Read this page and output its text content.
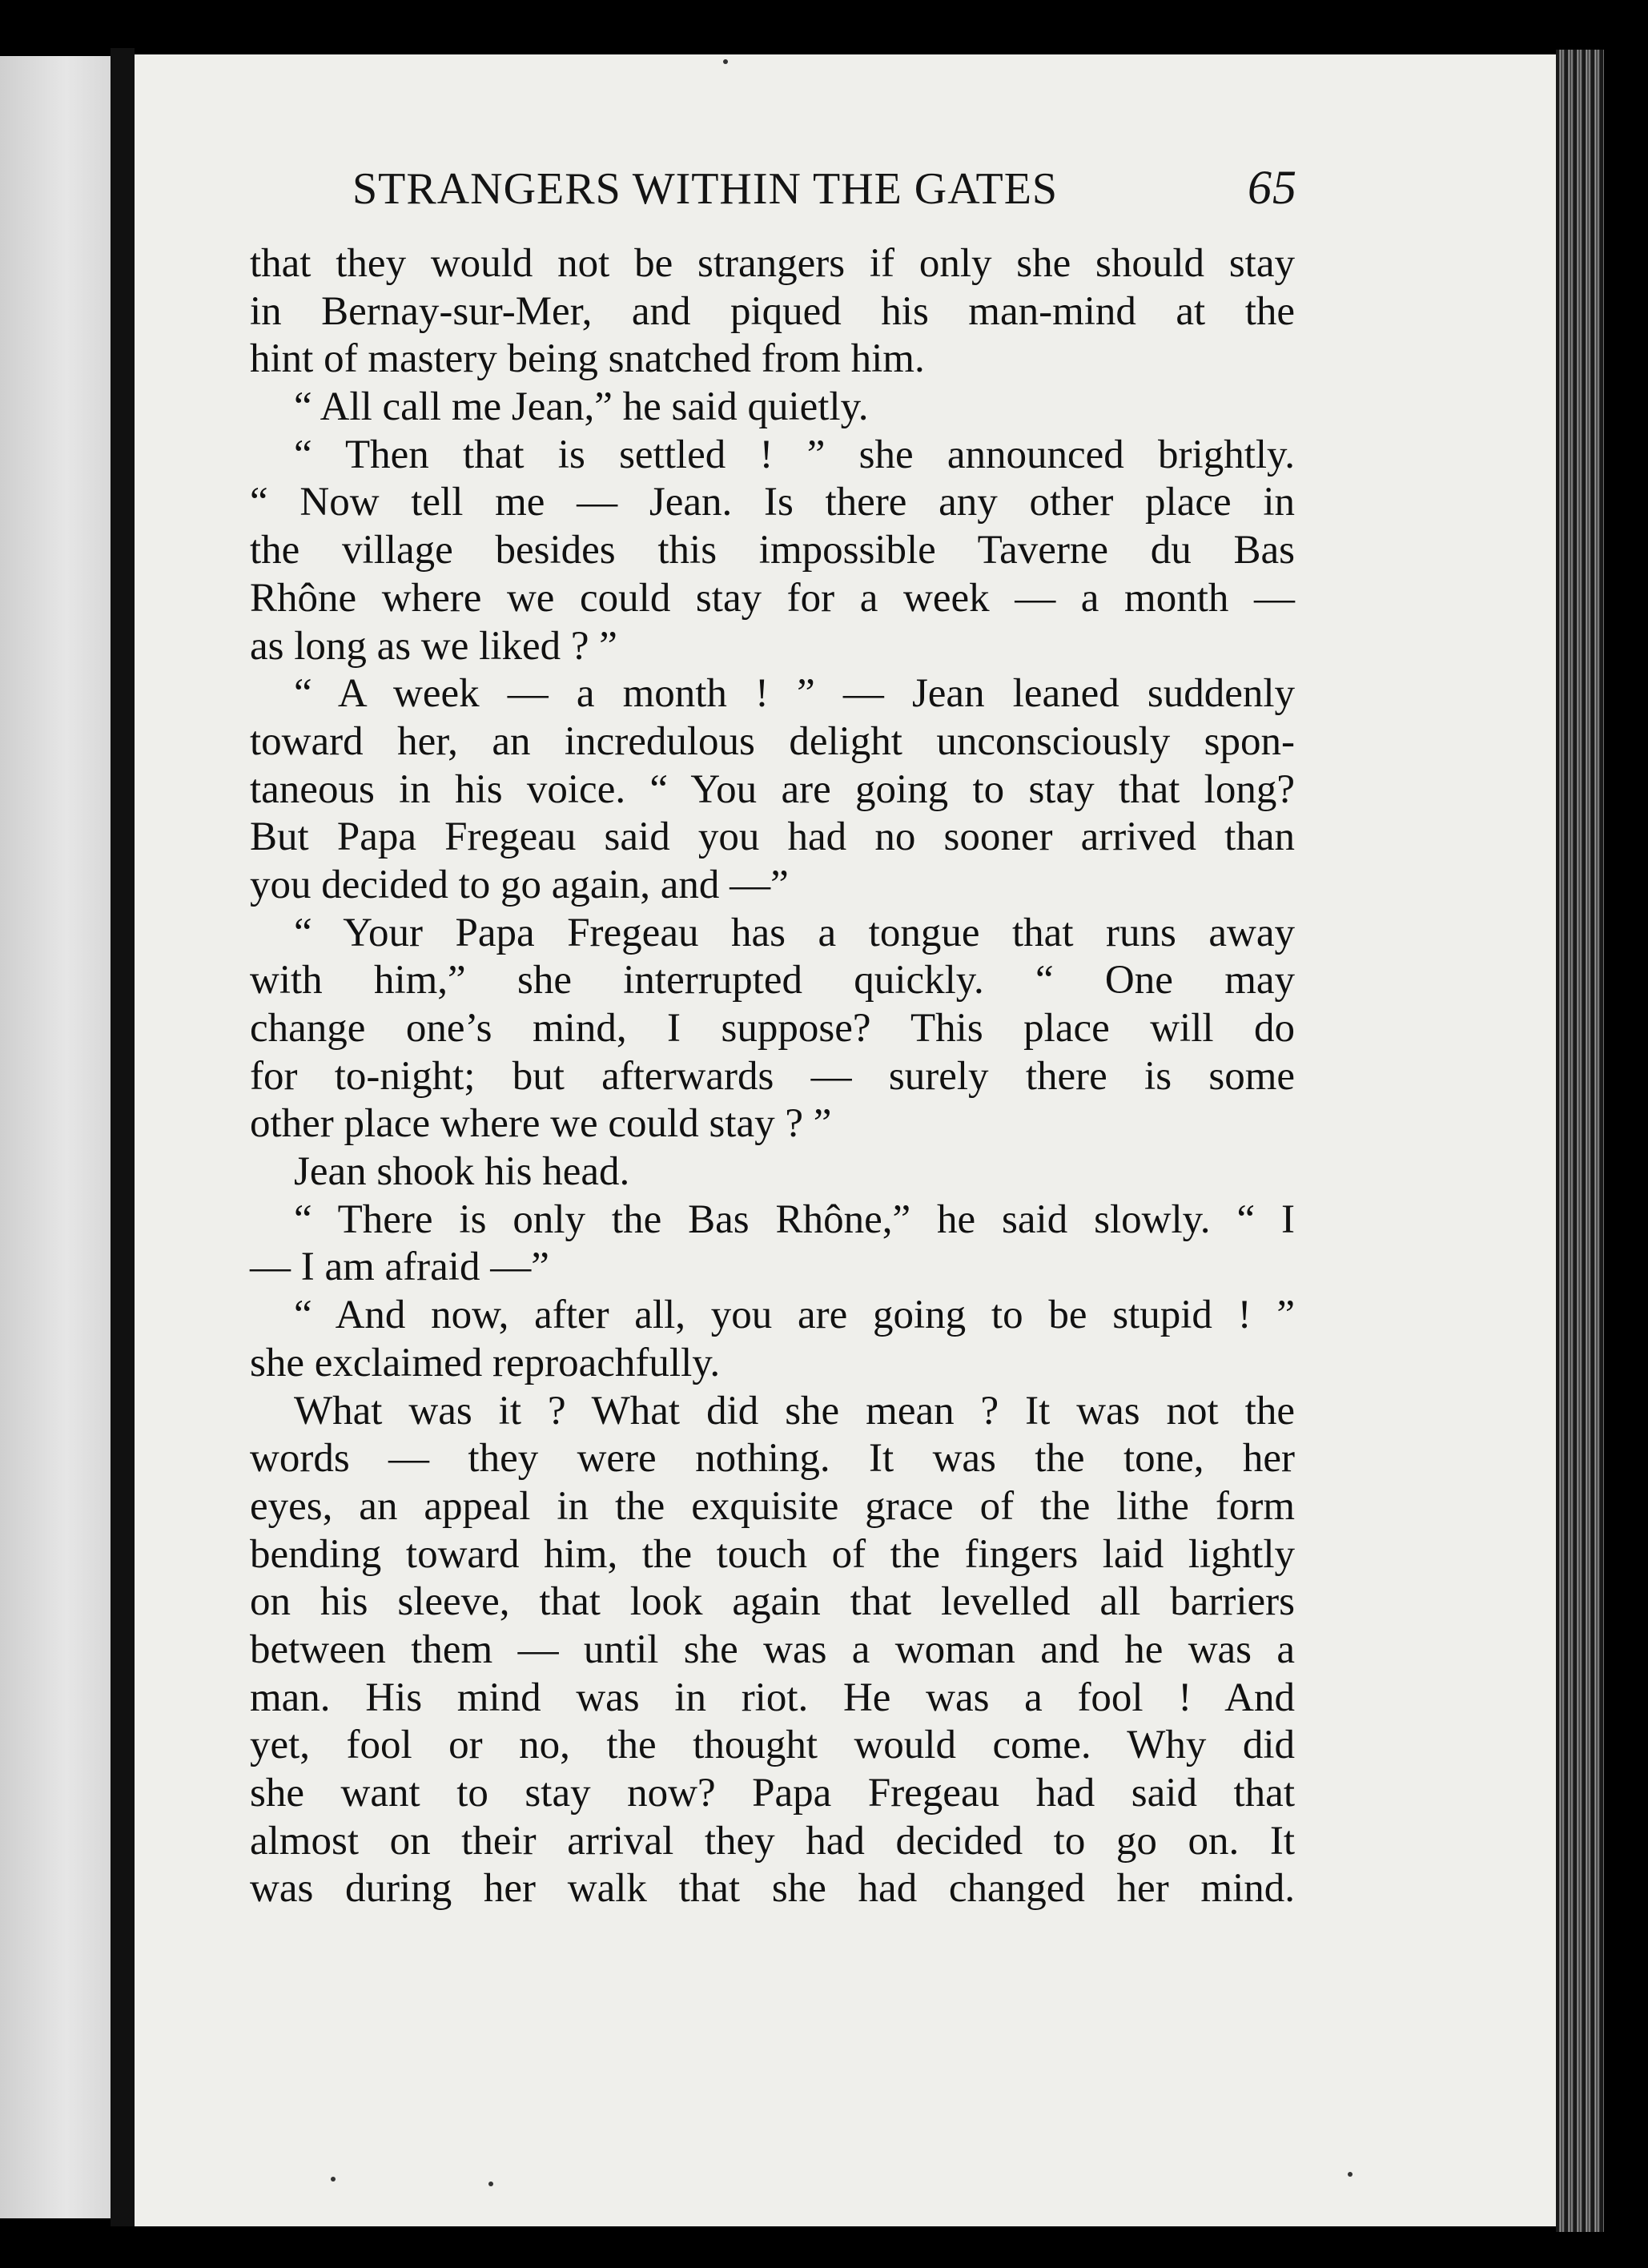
STRANGERS WITHIN THE GATES	65
that they would not be strangers if only she should stay
in Bernay-sur-Mer, and piqued his man-mind at the
hint of mastery being snatched from him.
“ All call me Jean,” he said quietly.
“ Then that is settled ! ” she announced brightly.
“ Now tell me — Jean. Is there any other place in
the village besides this impossible Taverne du Bas
Rhône where we could stay for a week — a month —
as long as we liked ? ”
“ A week — a month ! ” — Jean leaned suddenly
toward her, an incredulous delight unconsciously spon-
taneous in his voice. “ You are going to stay that long?
But Papa Fregeau said you had no sooner arrived than
you decided to go again, and —”
“ Your Papa Fregeau has a tongue that runs away
with him,” she interrupted quickly. “ One may
change one’s mind, I suppose? This place will do
for to-night; but afterwards — surely there is some
other place where we could stay ? ”
Jean shook his head.
“ There is only the Bas Rhône,” he said slowly. “ I
— I am afraid —”
“ And now, after all, you are going to be stupid ! ”
she exclaimed reproachfully.
What was it ? What did she mean ? It was not the
words — they were nothing. It was the tone, her
eyes, an appeal in the exquisite grace of the lithe form
bending toward him, the touch of the fingers laid lightly
on his sleeve, that look again that levelled all barriers
between them — until she was a woman and he was a
man. His mind was in riot. He was a fool ! And
yet, fool or no, the thought would come. Why did
she want to stay now? Papa Fregeau had said that
almost on their arrival they had decided to go on. It
was during her walk that she had changed her mind.
